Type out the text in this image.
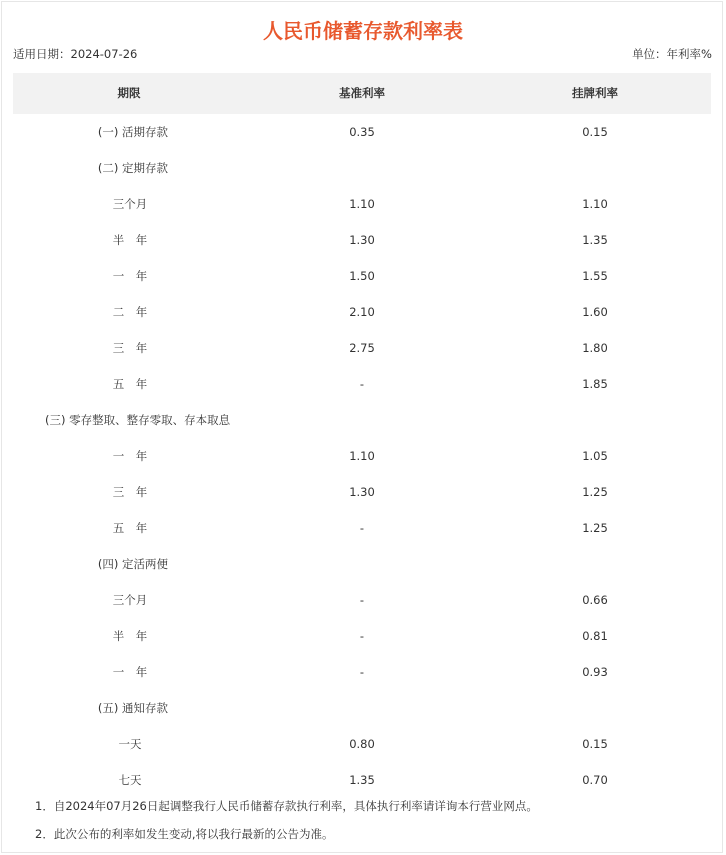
人民币储蓄存款利率表
适用日期：2024-07-26	单位：年利率%
期限	基准利率	挂牌利率
(一) 活期存款	0.35	0.15
(二) 定期存款
三个月	1.10	1.10
半　年	1.30	1.35
一　年	1.50	1.55
二　年	2.10	1.60
三　年	2.75	1.80
五　年	-	1.85
(三) 零存整取、整存零取、存本取息
一　年	1.10	1.05
三　年	1.30	1.25
五　年	-	1.25
(四) 定活两便
三个月	-	0.66
半　年	-	0.81
一　年	-	0.93
(五) 通知存款
一天	0.80	0.15
七天	1.35	0.70
1．自2024年07月26日起调整我行人民币储蓄存款执行利率，具体执行利率请详询本行营业网点。
2．此次公布的利率如发生变动,将以我行最新的公告为准。
